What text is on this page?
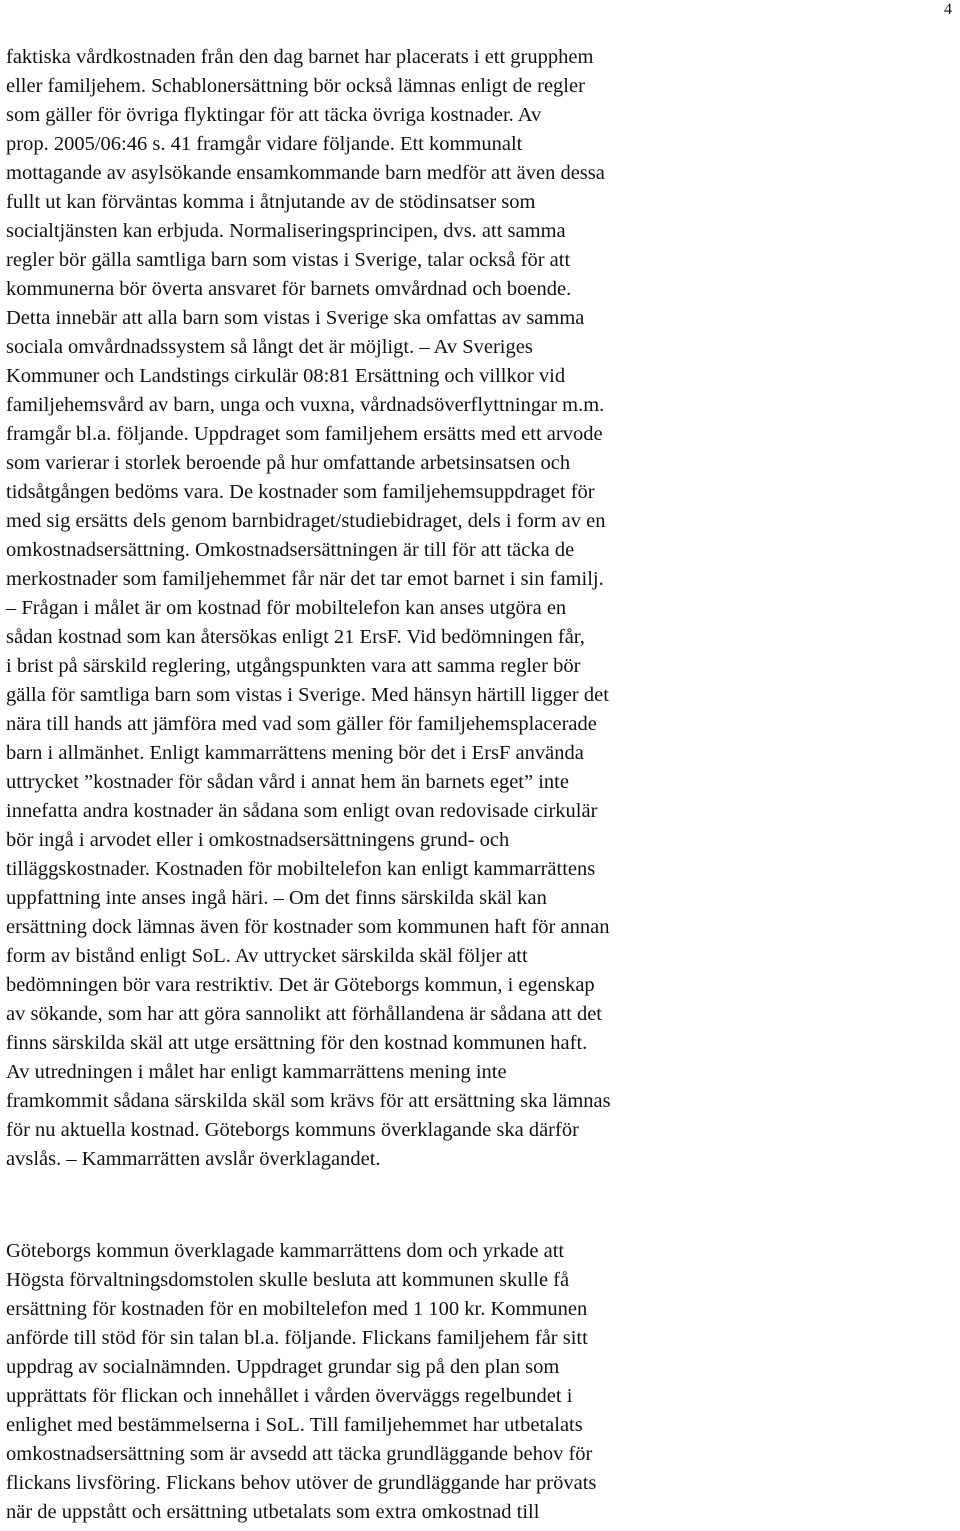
4
faktiska vårdkostnaden från den dag barnet har placerats i ett grupphem
eller familjehem. Schablonersättning bör också lämnas enligt de regler
som gäller för övriga flyktingar för att täcka övriga kostnader. Av
prop. 2005/06:46 s. 41 framgår vidare följande. Ett kommunalt
mottagande av asylsökande ensamkommande barn medför att även dessa
fullt ut kan förväntas komma i åtnjutande av de stödinsatser som
socialtjänsten kan erbjuda. Normaliseringsprincipen, dvs. att samma
regler bör gälla samtliga barn som vistas i Sverige, talar också för att
kommunerna bör överta ansvaret för barnets omvårdnad och boende.
Detta innebär att alla barn som vistas i Sverige ska omfattas av samma
sociala omvårdnadssystem så långt det är möjligt. – Av Sveriges
Kommuner och Landstings cirkulär 08:81 Ersättning och villkor vid
familjehemsvård av barn, unga och vuxna, vårdnadsöverflyttningar m.m.
framgår bl.a. följande. Uppdraget som familjehem ersätts med ett arvode
som varierar i storlek beroende på hur omfattande arbetsinsatsen och
tidsåtgången bedöms vara. De kostnader som familjehemsuppdraget för
med sig ersätts dels genom barnbidraget/studiebidraget, dels i form av en
omkostnadsersättning. Omkostnadsersättningen är till för att täcka de
merkostnader som familjehemmet får när det tar emot barnet i sin familj.
– Frågan i målet är om kostnad för mobiltelefon kan anses utgöra en
sådan kostnad som kan återsökas enligt 21 ErsF. Vid bedömningen får,
i brist på särskild reglering, utgångspunkten vara att samma regler bör
gälla för samtliga barn som vistas i Sverige. Med hänsyn härtill ligger det
nära till hands att jämföra med vad som gäller för familjehemsplacerade
barn i allmänhet. Enligt kammarrättens mening bör det i ErsF använda
uttrycket ”kostnader för sådan vård i annat hem än barnets eget” inte
innefatta andra kostnader än sådana som enligt ovan redovisade cirkulär
bör ingå i arvodet eller i omkostnadsersättningens grund- och
tilläggskostnader. Kostnaden för mobiltelefon kan enligt kammarrättens
uppfattning inte anses ingå häri. – Om det finns särskilda skäl kan
ersättning dock lämnas även för kostnader som kommunen haft för annan
form av bistånd enligt SoL. Av uttrycket särskilda skäl följer att
bedömningen bör vara restriktiv. Det är Göteborgs kommun, i egenskap
av sökande, som har att göra sannolikt att förhållandena är sådana att det
finns särskilda skäl att utge ersättning för den kostnad kommunen haft.
Av utredningen i målet har enligt kammarrättens mening inte
framkommit sådana särskilda skäl som krävs för att ersättning ska lämnas
för nu aktuella kostnad. Göteborgs kommuns överklagande ska därför
avslås. – Kammarrätten avslår överklagandet.
Göteborgs kommun överklagade kammarrättens dom och yrkade att
Högsta förvaltningsdomstolen skulle besluta att kommunen skulle få
ersättning för kostnaden för en mobiltelefon med 1 100 kr. Kommunen
anförde till stöd för sin talan bl.a. följande. Flickans familjehem får sitt
uppdrag av socialnämnden. Uppdraget grundar sig på den plan som
upprättats för flickan och innehållet i vården överväggs regelbundet i
enlighet med bestämmelserna i SoL. Till familjehemmet har utbetalats
omkostnadsersättning som är avsedd att täcka grundläggande behov för
flickans livsföring. Flickans behov utöver de grundläggande har prövats
när de uppstått och ersättning utbetalats som extra omkostnad till
